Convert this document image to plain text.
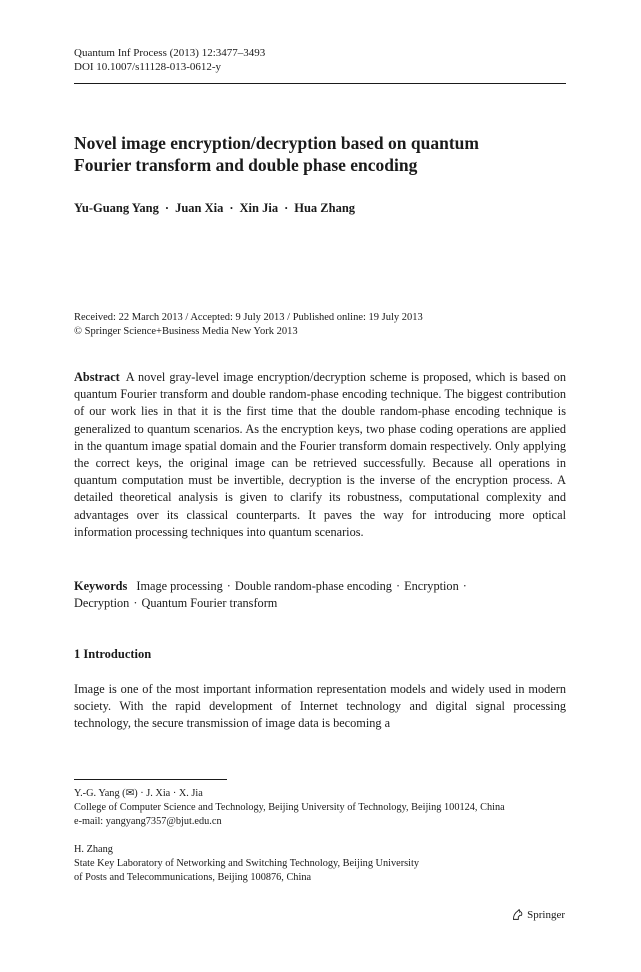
Quantum Inf Process (2013) 12:3477–3493
DOI 10.1007/s11128-013-0612-y
Novel image encryption/decryption based on quantum
Fourier transform and double phase encoding
Yu-Guang Yang · Juan Xia · Xin Jia · Hua Zhang
Received: 22 March 2013 / Accepted: 9 July 2013 / Published online: 19 July 2013
© Springer Science+Business Media New York 2013
Abstract A novel gray-level image encryption/decryption scheme is proposed, which is based on quantum Fourier transform and double random-phase encoding technique. The biggest contribution of our work lies in that it is the first time that the double random-phase encoding technique is generalized to quantum scenarios. As the encryption keys, two phase coding operations are applied in the quantum image spatial domain and the Fourier transform domain respectively. Only applying the correct keys, the original image can be retrieved successfully. Because all operations in quantum computation must be invertible, decryption is the inverse of the encryption process. A detailed theoretical analysis is given to clarify its robustness, computational complexity and advantages over its classical counterparts. It paves the way for introducing more optical information processing techniques into quantum scenarios.
Keywords Image processing · Double random-phase encoding · Encryption ·
Decryption · Quantum Fourier transform
1 Introduction
Image is one of the most important information representation models and widely used in modern society. With the rapid development of Internet technology and digital signal processing technology, the secure transmission of image data is becoming a
Y.-G. Yang (✉) · J. Xia · X. Jia
College of Computer Science and Technology, Beijing University of Technology, Beijing 100124, China
e-mail: yangyang7357@bjut.edu.cn
H. Zhang
State Key Laboratory of Networking and Switching Technology, Beijing University
of Posts and Telecommunications, Beijing 100876, China
Springer
